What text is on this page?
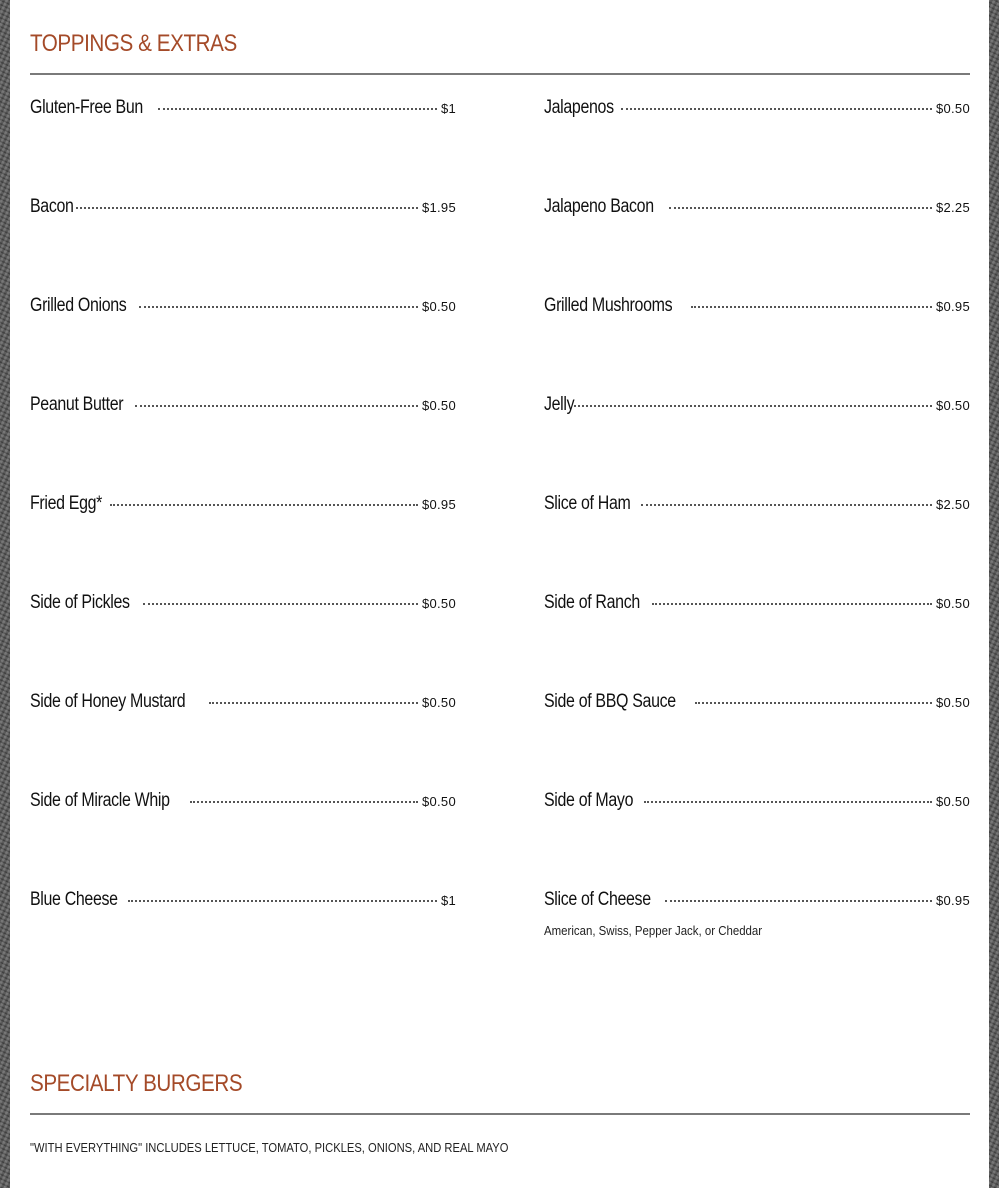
TOPPINGS & EXTRAS
Gluten-Free Bun	$1
Bacon	$1.95
Grilled Onions	$0.50
Peanut Butter	$0.50
Fried Egg*	$0.95
Side of Pickles	$0.50
Side of Honey Mustard	$0.50
Side of Miracle Whip	$0.50
Blue Cheese	$1
Jalapenos	$0.50
Jalapeno Bacon	$2.25
Grilled Mushrooms	$0.95
Jelly	$0.50
Slice of Ham	$2.50
Side of Ranch	$0.50
Side of BBQ Sauce	$0.50
Side of Mayo	$0.50
Slice of Cheese	$0.95
American, Swiss, Pepper Jack, or Cheddar
SPECIALTY BURGERS
"WITH EVERYTHING" INCLUDES LETTUCE, TOMATO, PICKLES, ONIONS, AND REAL MAYO
